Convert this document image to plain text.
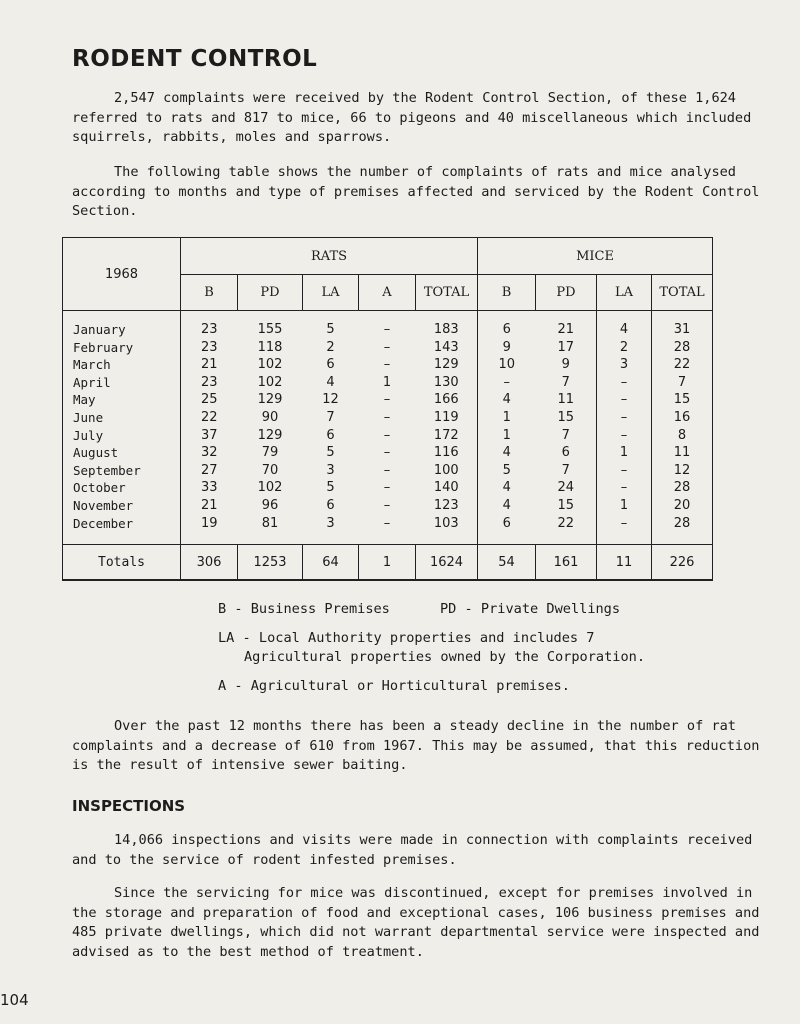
RODENT CONTROL

2,547 complaints were received by the Rodent Control Section, of these 1,624 referred to rats and 817 to mice, 66 to pigeons and 40 miscellaneous which included squirrels, rabbits, moles and sparrows.

The following table shows the number of complaints of rats and mice analysed according to months and type of premises affected and serviced by the Rodent Control Section.

1968	RATS					MICE			
	B	PD	LA	A	TOTAL	B	PD	LA	TOTAL
January	23	155	5	–	183	6	21	4	31
February	23	118	2	–	143	9	17	2	28
March	21	102	6	–	129	10	9	3	22
April	23	102	4	1	130	–	7	–	7
May	25	129	12	–	166	4	11	–	15
June	22	90	7	–	119	1	15	–	16
July	37	129	6	–	172	1	7	–	8
August	32	79	5	–	116	4	6	1	11
September	27	70	3	–	100	5	7	–	12
October	33	102	5	–	140	4	24	–	28
November	21	96	6	–	123	4	15	1	20
December	19	81	3	–	103	6	22	–	28
Totals	306	1253	64	1	1624	54	161	11	226
B - Business Premises	PD - Private Dwellings
LA - Local Authority properties and includes 7
Agricultural properties owned by the Corporation.
A - Agricultural or Horticultural premises.

Over the past 12 months there has been a steady decline in the number of rat complaints and a decrease of 610 from 1967. This may be assumed, that this reduction is the result of intensive sewer baiting.

INSPECTIONS

14,066 inspections and visits were made in connection with complaints received and to the service of rodent infested premises.

Since the servicing for mice was discontinued, except for premises involved in the storage and preparation of food and exceptional cases, 106 business premises and 485 private dwellings, which did not warrant departmental service were inspected and advised as to the best method of treatment.

104
